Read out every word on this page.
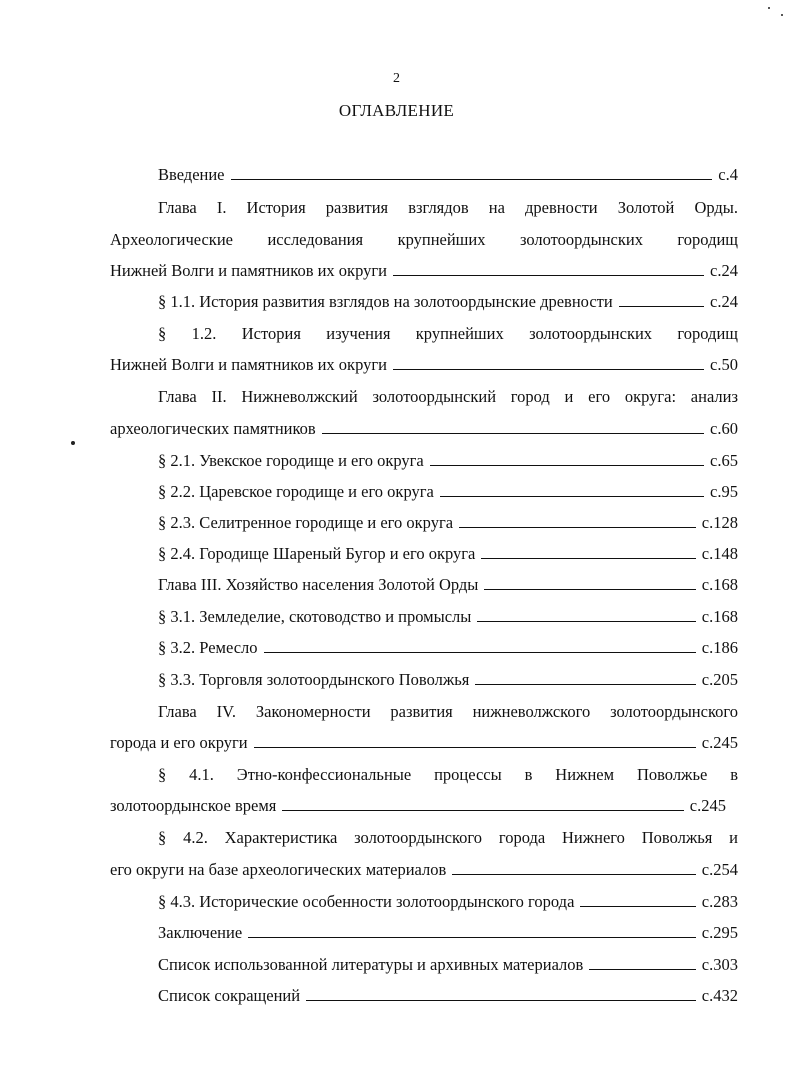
2
ОГЛАВЛЕНИЕ
Введение	с.4
Глава I. История развития взглядов на древности Золотой Орды.
Археологические исследования крупнейших золотоордынских городищ
Нижней Волги и памятников их округи	с.24
§ 1.1. История развития взглядов на золотоордынские древности	с.24
§ 1.2. История изучения крупнейших золотоордынских городищ
Нижней Волги и памятников их округи	с.50
Глава II. Нижневолжский золотоордынский город и его округа: анализ
археологических памятников	с.60
§ 2.1. Увекское городище и его округа	с.65
§ 2.2. Царевское городище и его округа	с.95
§ 2.3. Селитренное городище и его округа	с.128
§ 2.4. Городище Шареный Бугор и его округа	с.148
Глава III. Хозяйство населения Золотой Орды	с.168
§ 3.1. Земледелие, скотоводство и промыслы	с.168
§ 3.2. Ремесло	с.186
§ 3.3. Торговля золотоордынского Поволжья	с.205
Глава IV. Закономерности развития нижневолжского золотоордынского
города и его округи	с.245
§ 4.1. Этно-конфессиональные процессы в Нижнем Поволжье в
золотоордынское время	с.245
§ 4.2. Характеристика золотоордынского города Нижнего Поволжья и
его округи на базе археологических материалов	с.254
§ 4.3. Исторические особенности золотоордынского города	с.283
Заключение	с.295
Список использованной литературы и архивных материалов	с.303
Список сокращений	с.432
